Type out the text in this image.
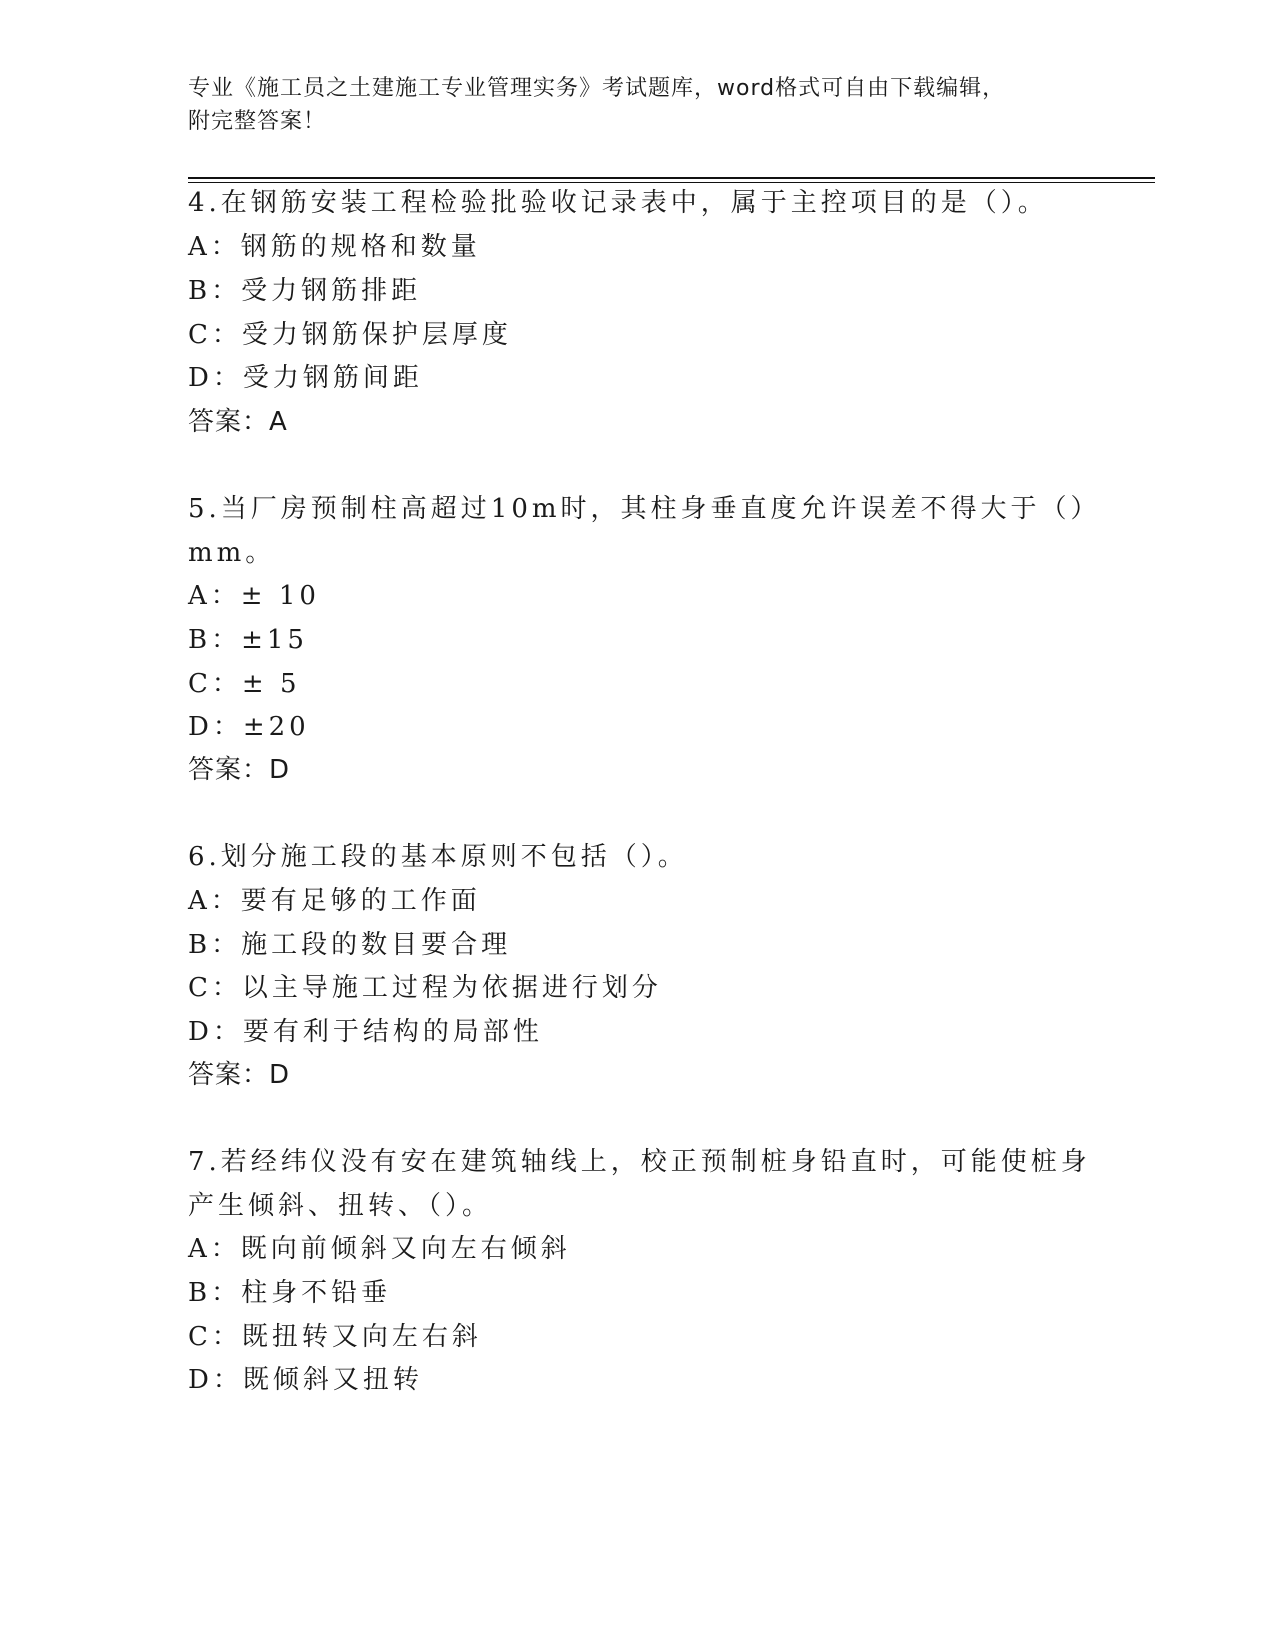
专业《施工员之土建施工专业管理实务》考试题库，word格式可自由下载编辑，
附完整答案！
4.在钢筋安装工程检验批验收记录表中，属于主控项目的是（）。
A：钢筋的规格和数量
B：受力钢筋排距
C：受力钢筋保护层厚度
D：受力钢筋间距
答案：A
5.当厂房预制柱高超过10m时，其柱身垂直度允许误差不得大于（）
mm。
A：± 10
B：±15
C：± 5
D：±20
答案：D
6.划分施工段的基本原则不包括（）。
A：要有足够的工作面
B：施工段的数目要合理
C：以主导施工过程为依据进行划分
D：要有利于结构的局部性
答案：D
7.若经纬仪没有安在建筑轴线上，校正预制桩身铅直时，可能使桩身
产生倾斜、扭转、（）。
A：既向前倾斜又向左右倾斜
B：柱身不铅垂
C：既扭转又向左右斜
D：既倾斜又扭转
